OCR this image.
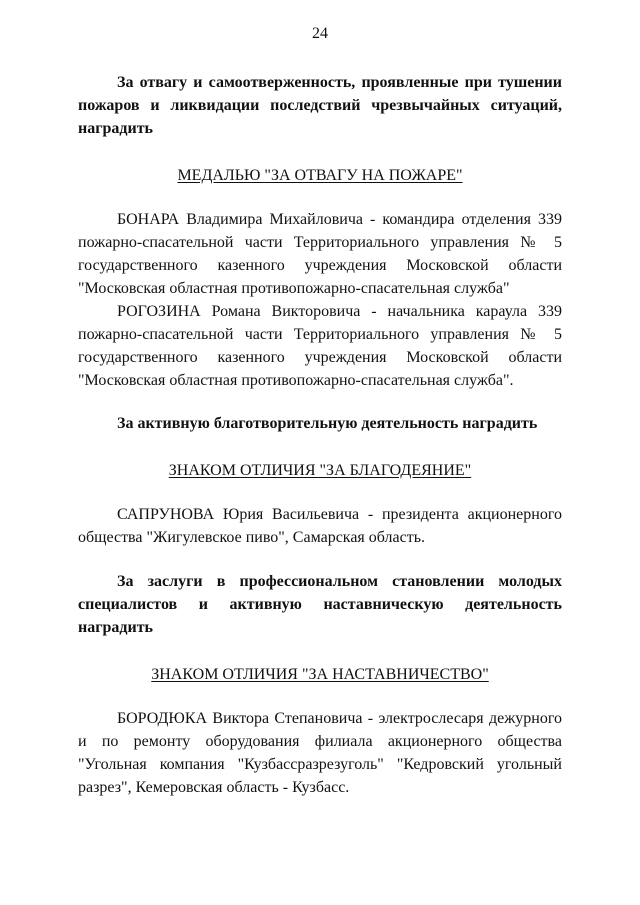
24
За отвагу и самоотверженность, проявленные при тушении пожаров и ликвидации последствий чрезвычайных ситуаций, наградить
МЕДАЛЬЮ "ЗА ОТВАГУ НА ПОЖАРЕ"

БОНАРА Владимира Михайловича - командира отделения 339 пожарно-спасательной части Территориального управления № 5 государственного казенного учреждения Московской области "Московская областная противопожарно-спасательная служба"

РОГОЗИНА Романа Викторовича - начальника караула 339 пожарно-спасательной части Территориального управления № 5 государственного казенного учреждения Московской области "Московская областная противопожарно-спасательная служба".

За активную благотворительную деятельность наградить
ЗНАКОМ ОТЛИЧИЯ "ЗА БЛАГОДЕЯНИЕ"

САПРУНОВА Юрия Васильевича - президента акционерного общества "Жигулевское пиво", Самарская область.

За заслуги в профессиональном становлении молодых специалистов и активную наставническую деятельность наградить
ЗНАКОМ ОТЛИЧИЯ "ЗА НАСТАВНИЧЕСТВО"

БОРОДЮКА Виктора Степановича - электрослесаря дежурного и по ремонту оборудования филиала акционерного общества "Угольная компания "Кузбассразрезуголь" "Кедровский угольный разрез", Кемеровская область - Кузбасс.
